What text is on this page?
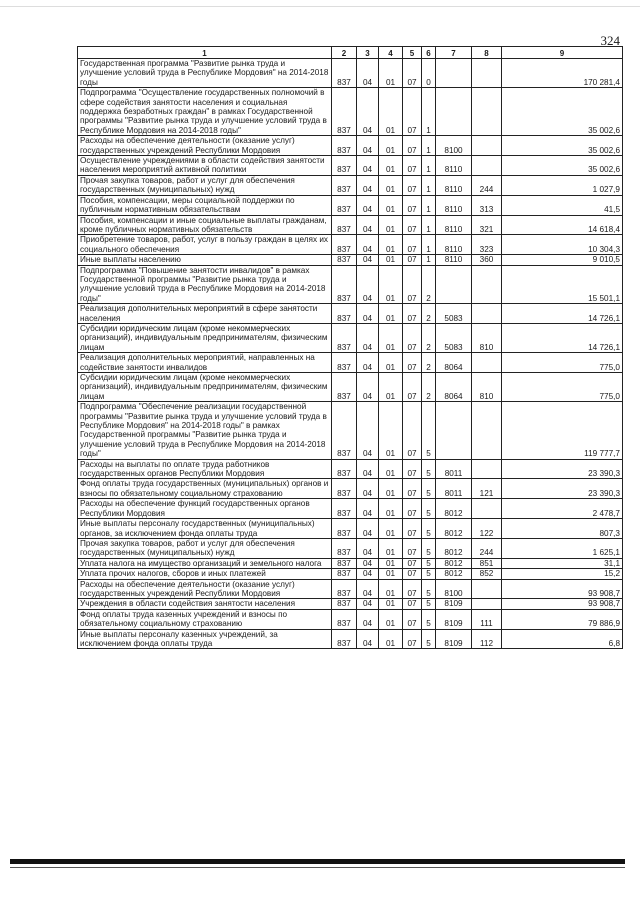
324
1	2	3	4	5	6	7	8	9
Государственная программа "Развитие рынка труда и улучшение условий труда в Республике Мордовия" на 2014-2018 годы	837	04	01	07	0			170 281,4
Подпрограмма "Осуществление государственных полномочий в сфере содействия занятости населения и социальная поддержка безработных граждан" в рамках Государственной программы "Развитие рынка труда и улучшение условий труда в Республике Мордовия на 2014-2018 годы"	837	04	01	07	1			35 002,6
Расходы на обеспечение деятельности (оказание услуг) государственных учреждений Республики Мордовия	837	04	01	07	1	8100		35 002,6
Осуществление учреждениями в области содействия занятости населения мероприятий активной политики	837	04	01	07	1	8110		35 002,6
Прочая закупка товаров, работ и услуг для обеспечения государственных (муниципальных) нужд	837	04	01	07	1	8110	244	1 027,9
Пособия, компенсации, меры социальной поддержки по публичным нормативным обязательствам	837	04	01	07	1	8110	313	41,5
Пособия, компенсации и иные социальные выплаты гражданам, кроме публичных нормативных обязательств	837	04	01	07	1	8110	321	14 618,4
Приобретение товаров, работ, услуг в пользу граждан в целях их социального обеспечения	837	04	01	07	1	8110	323	10 304,3
Иные выплаты населению	837	04	01	07	1	8110	360	9 010,5
Подпрограмма "Повышение занятости инвалидов" в рамках Государственной программы "Развитие рынка труда и улучшение условий труда в Республике Мордовия на 2014-2018 годы"	837	04	01	07	2			15 501,1
Реализация дополнительных мероприятий в сфере занятости населения	837	04	01	07	2	5083		14 726,1
Субсидии юридическим лицам (кроме некоммерческих организаций), индивидуальным предпринимателям, физическим лицам	837	04	01	07	2	5083	810	14 726,1
Реализация дополнительных мероприятий, направленных на содействие занятости инвалидов	837	04	01	07	2	8064		775,0
Субсидии юридическим лицам (кроме некоммерческих организаций), индивидуальным предпринимателям, физическим лицам	837	04	01	07	2	8064	810	775,0
Подпрограмма "Обеспечение реализации государственной программы "Развитие рынка труда и улучшение условий труда в Республике Мордовия" на 2014-2018 годы" в рамках Государственной программы "Развитие рынка труда и улучшение условий труда в Республике Мордовия на 2014-2018 годы"	837	04	01	07	5			119 777,7
Расходы на выплаты по оплате труда работников государственных органов Республики Мордовия	837	04	01	07	5	8011		23 390,3
Фонд оплаты труда государственных (муниципальных) органов и взносы по обязательному социальному страхованию	837	04	01	07	5	8011	121	23 390,3
Расходы на обеспечение функций государственных органов Республики Мордовия	837	04	01	07	5	8012		2 478,7
Иные выплаты персоналу государственных (муниципальных) органов, за исключением фонда оплаты труда	837	04	01	07	5	8012	122	807,3
Прочая закупка товаров, работ и услуг для обеспечения государственных (муниципальных) нужд	837	04	01	07	5	8012	244	1 625,1
Уплата налога на имущество организаций и земельного налога	837	04	01	07	5	8012	851	31,1
Уплата прочих налогов, сборов и иных платежей	837	04	01	07	5	8012	852	15,2
Расходы на обеспечение деятельности (оказание услуг) государственных учреждений Республики Мордовия	837	04	01	07	5	8100		93 908,7
Учреждения в области содействия занятости населения	837	04	01	07	5	8109		93 908,7
Фонд оплаты труда казенных учреждений и взносы по обязательному социальному страхованию	837	04	01	07	5	8109	111	79 886,9
Иные выплаты персоналу казенных учреждений, за исключением фонда оплаты труда	837	04	01	07	5	8109	112	6,8
